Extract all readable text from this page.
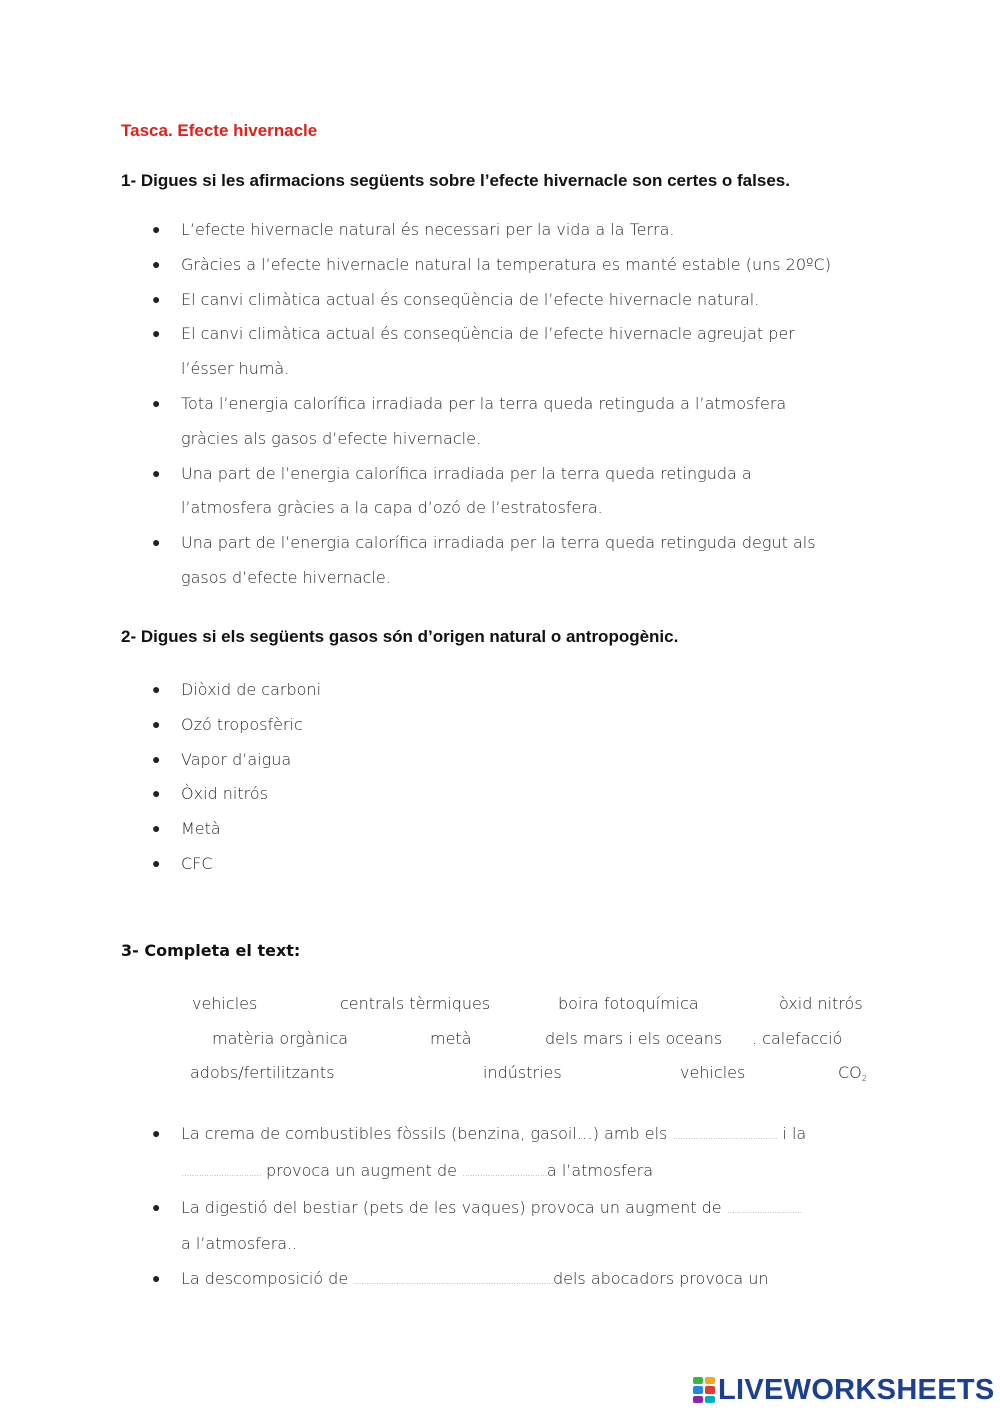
Tasca. Efecte hivernacle
1- Digues si les afirmacions següents sobre l’efecte hivernacle son certes o falses.
● L’efecte hivernacle natural és necessari per la vida a la Terra.
● Gràcies a l’efecte hivernacle natural la temperatura es manté estable (uns 20ºC)
● El canvi climàtica actual és conseqüència de l’efecte hivernacle natural.
● El canvi climàtica actual és conseqüència de l’efecte hivernacle agreujat per
l’ésser humà.
● Tota l’energia calorífica irradiada per la terra queda retinguda a l’atmosfera
gràcies als gasos d’efecte hivernacle.
● Una part de l’energia calorífica irradiada per la terra queda retinguda a
l’atmosfera gràcies a la capa d’ozó de l’estratosfera.
● Una part de l’energia calorífica irradiada per la terra queda retinguda degut als
gasos d’efecte hivernacle.
2- Digues si els següents gasos són d’origen natural o antropogènic.
● Diòxid de carboni
● Ozó troposfèric
● Vapor d’aigua
● Òxid nitrós
● Metà
● CFC
3- Completa el text:
vehicles	centrals tèrmiques	boira fotoquímica	òxid nitrós
matèria orgànica	metà	dels mars i els oceans . calefacció
adobs/fertilitzants	indústries	vehicles	$CO_2$
● La crema de combustibles fòssils (benzina, gasoil…) amb els .......................................... i la
................................ provoca un augment de ..................................a l’atmosfera
● La digestió del bestiar (pets de les vaques) provoca un augment de ..............................
a l’atmosfera..
● La descomposició de ................................................................................dels abocadors provoca un
LIVEWORKSHEETS
